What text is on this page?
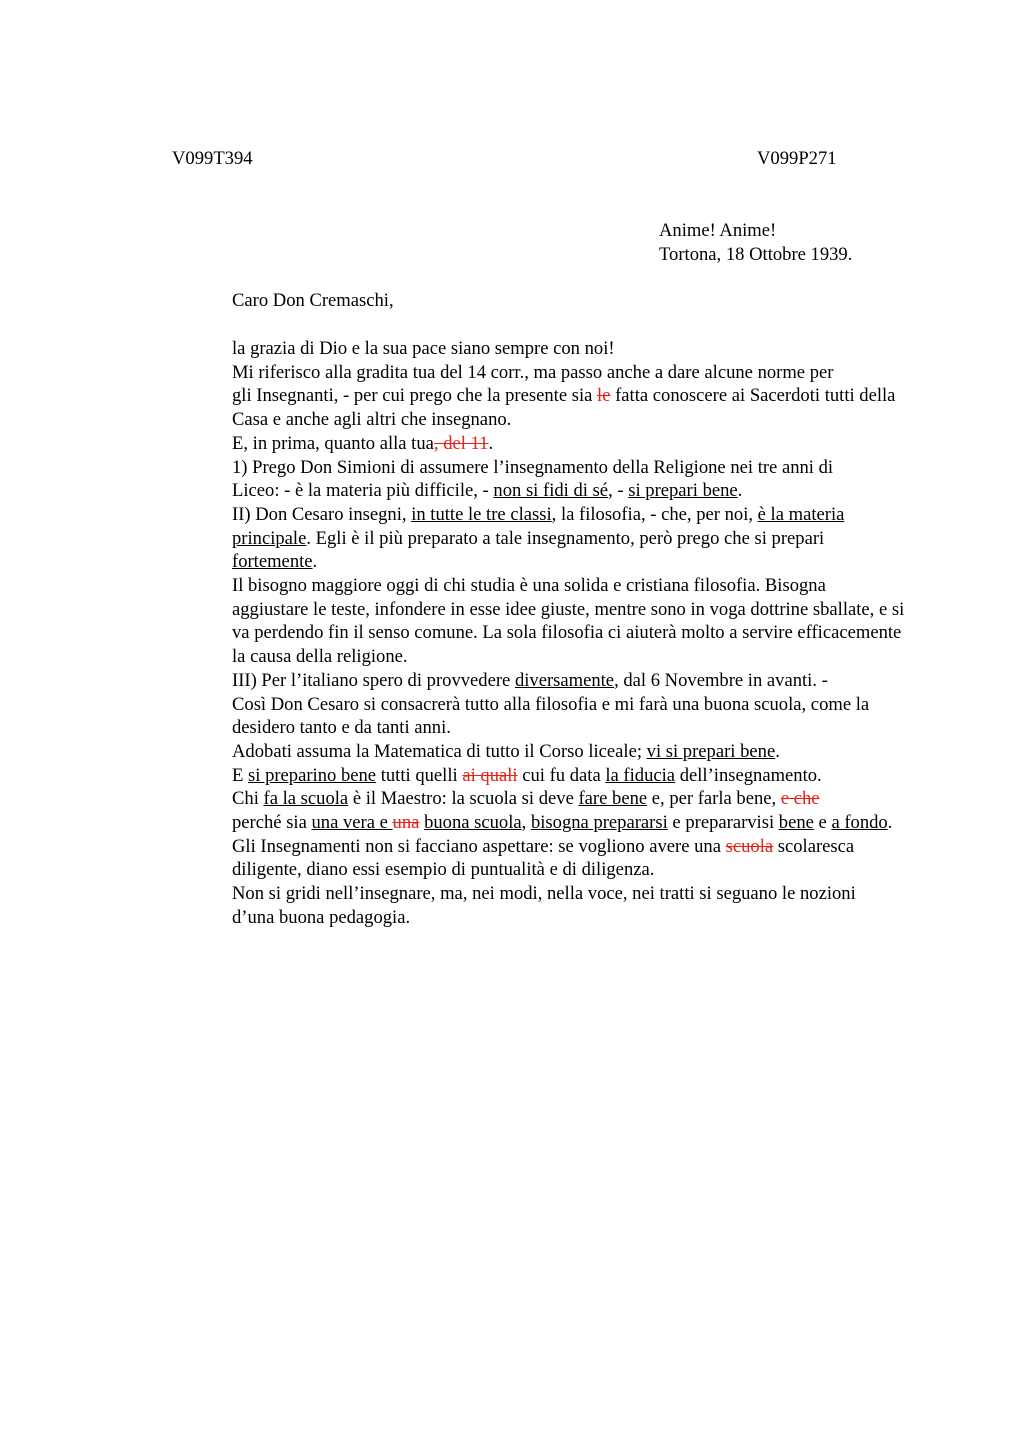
V099T394	V099P271
Anime! Anime!
Tortona, 18 Ottobre 1939.
Caro Don Cremaschi,

la grazia di Dio e la sua pace siano sempre con noi!

Mi riferisco alla gradita tua del 14 corr., ma passo anche a dare alcune norme per
gli Insegnanti, - per cui prego che la presente sia le fatta conoscere ai Sacerdoti tutti della
Casa e anche agli altri che insegnano.

E, in prima, quanto alla tua, del 11.

1) Prego Don Simioni di assumere l’insegnamento della Religione nei tre anni di
Liceo: - è la materia più difficile, - non si fidi di sé, - si prepari bene.

II) Don Cesaro insegni, in tutte le tre classi, la filosofia, - che, per noi, è la materia
principale. Egli è il più preparato a tale insegnamento, però prego che si prepari
fortemente.

Il bisogno maggiore oggi di chi studia è una solida e cristiana filosofia. Bisogna
aggiustare le teste, infondere in esse idee giuste, mentre sono in voga dottrine sballate, e si
va perdendo fin il senso comune. La sola filosofia ci aiuterà molto a servire efficacemente
la causa della religione.

III) Per l’italiano spero di provvedere diversamente, dal 6 Novembre in avanti. -
Così Don Cesaro si consacrerà tutto alla filosofia e mi farà una buona scuola, come la
desidero tanto e da tanti anni.

Adobati assuma la Matematica di tutto il Corso liceale; vi si prepari bene.

E si preparino bene tutti quelli ai quali cui fu data la fiducia dell’insegnamento.

Chi fa la scuola è il Maestro: la scuola si deve fare bene e, per farla bene, e che
perché sia una vera e una buona scuola, bisogna prepararsi e prepararvisi bene e a fondo.

Gli Insegnamenti non si facciano aspettare: se vogliono avere una scuola scolaresca
diligente, diano essi esempio di puntualità e di diligenza.

Non si gridi nell’insegnare, ma, nei modi, nella voce, nei tratti si seguano le nozioni
d’una buona pedagogia.
